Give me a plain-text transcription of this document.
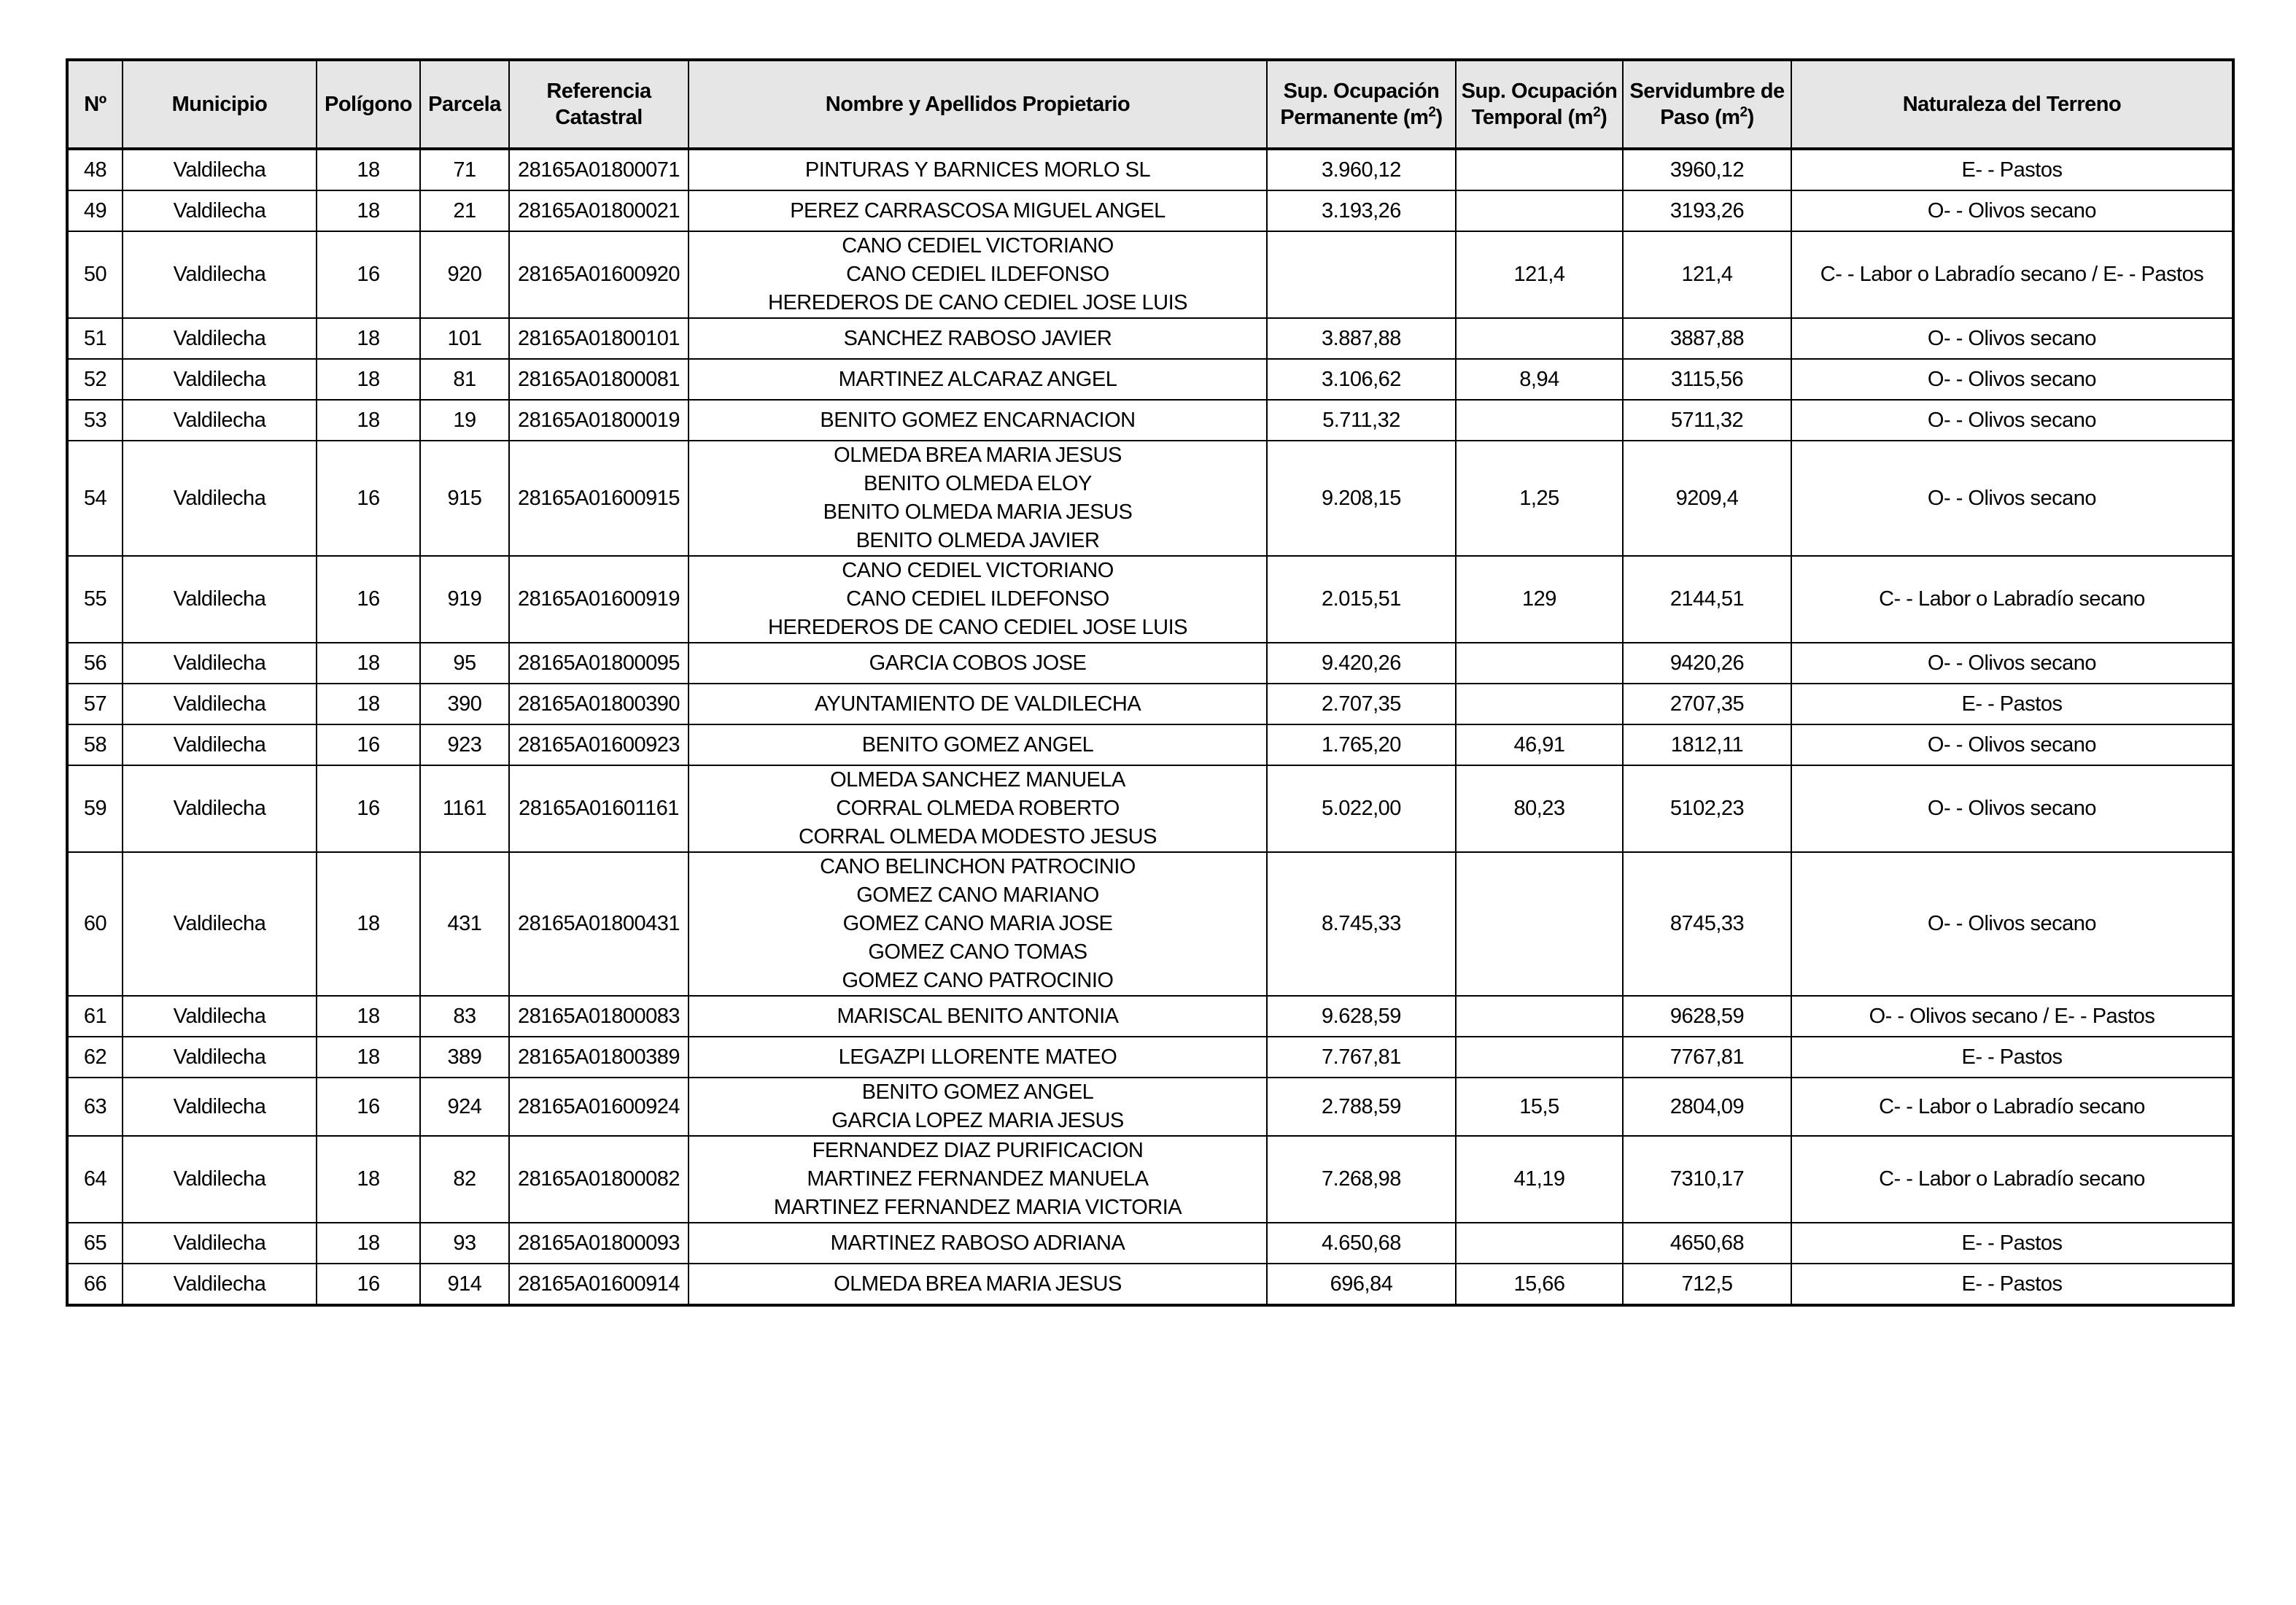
Nº	Municipio	Polígono	Parcela	Referencia Catastral	Nombre y Apellidos Propietario	Sup. Ocupación Permanente $(m^2)$	Sup. Ocupación Temporal $(m^2)$	Servidumbre de Paso $(m^2)$	Naturaleza del Terreno
48	Valdilecha	18	71	28165A01800071	PINTURAS Y BARNICES MORLO SL	3.960,12		3960,12	E- - Pastos
49	Valdilecha	18	21	28165A01800021	PEREZ CARRASCOSA MIGUEL ANGEL	3.193,26		3193,26	O- - Olivos secano
50	Valdilecha	16	920	28165A01600920	CANO CEDIEL VICTORIANO
CANO CEDIEL ILDEFONSO
HEREDEROS DE CANO CEDIEL JOSE LUIS		121,4	121,4	C- - Labor o Labradío secano / E- - Pastos
51	Valdilecha	18	101	28165A01800101	SANCHEZ RABOSO JAVIER	3.887,88		3887,88	O- - Olivos secano
52	Valdilecha	18	81	28165A01800081	MARTINEZ ALCARAZ ANGEL	3.106,62	8,94	3115,56	O- - Olivos secano
53	Valdilecha	18	19	28165A01800019	BENITO GOMEZ ENCARNACION	5.711,32		5711,32	O- - Olivos secano
54	Valdilecha	16	915	28165A01600915	OLMEDA BREA MARIA JESUS
BENITO OLMEDA ELOY
BENITO OLMEDA MARIA JESUS
BENITO OLMEDA JAVIER	9.208,15	1,25	9209,4	O- - Olivos secano
55	Valdilecha	16	919	28165A01600919	CANO CEDIEL VICTORIANO
CANO CEDIEL ILDEFONSO
HEREDEROS DE CANO CEDIEL JOSE LUIS	2.015,51	129	2144,51	C- - Labor o Labradío secano
56	Valdilecha	18	95	28165A01800095	GARCIA COBOS JOSE	9.420,26		9420,26	O- - Olivos secano
57	Valdilecha	18	390	28165A01800390	AYUNTAMIENTO DE VALDILECHA	2.707,35		2707,35	E- - Pastos
58	Valdilecha	16	923	28165A01600923	BENITO GOMEZ ANGEL	1.765,20	46,91	1812,11	O- - Olivos secano
59	Valdilecha	16	1161	28165A01601161	OLMEDA SANCHEZ MANUELA
CORRAL OLMEDA ROBERTO
CORRAL OLMEDA MODESTO JESUS	5.022,00	80,23	5102,23	O- - Olivos secano
60	Valdilecha	18	431	28165A01800431	CANO BELINCHON PATROCINIO
GOMEZ CANO MARIANO
GOMEZ CANO MARIA JOSE
GOMEZ CANO TOMAS
GOMEZ CANO PATROCINIO	8.745,33		8745,33	O- - Olivos secano
61	Valdilecha	18	83	28165A01800083	MARISCAL BENITO ANTONIA	9.628,59		9628,59	O- - Olivos secano / E- - Pastos
62	Valdilecha	18	389	28165A01800389	LEGAZPI LLORENTE MATEO	7.767,81		7767,81	E- - Pastos
63	Valdilecha	16	924	28165A01600924	BENITO GOMEZ ANGEL
GARCIA LOPEZ MARIA JESUS	2.788,59	15,5	2804,09	C- - Labor o Labradío secano
64	Valdilecha	18	82	28165A01800082	FERNANDEZ DIAZ PURIFICACION
MARTINEZ FERNANDEZ MANUELA
MARTINEZ FERNANDEZ MARIA VICTORIA	7.268,98	41,19	7310,17	C- - Labor o Labradío secano
65	Valdilecha	18	93	28165A01800093	MARTINEZ RABOSO ADRIANA	4.650,68		4650,68	E- - Pastos
66	Valdilecha	16	914	28165A01600914	OLMEDA BREA MARIA JESUS	696,84	15,66	712,5	E- - Pastos
